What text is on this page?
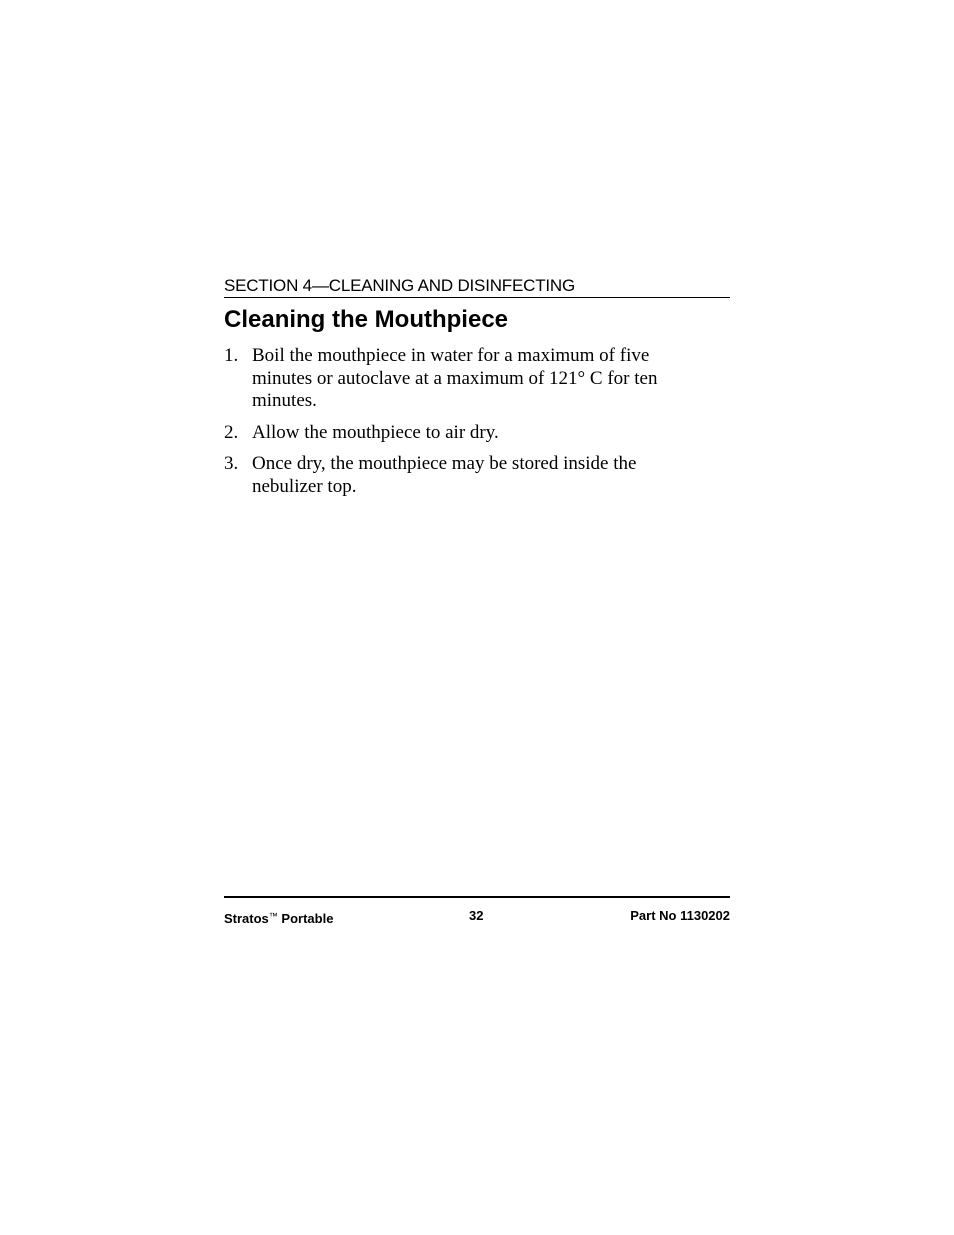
SECTION 4—CLEANING AND DISINFECTING
Cleaning the Mouthpiece
1. Boil the mouthpiece in water for a maximum of five minutes or autoclave at a maximum of 121° C for ten minutes.
2. Allow the mouthpiece to air dry.
3. Once dry, the mouthpiece may be stored inside the nebulizer top.
Stratos™ Portable	32	Part No 1130202
